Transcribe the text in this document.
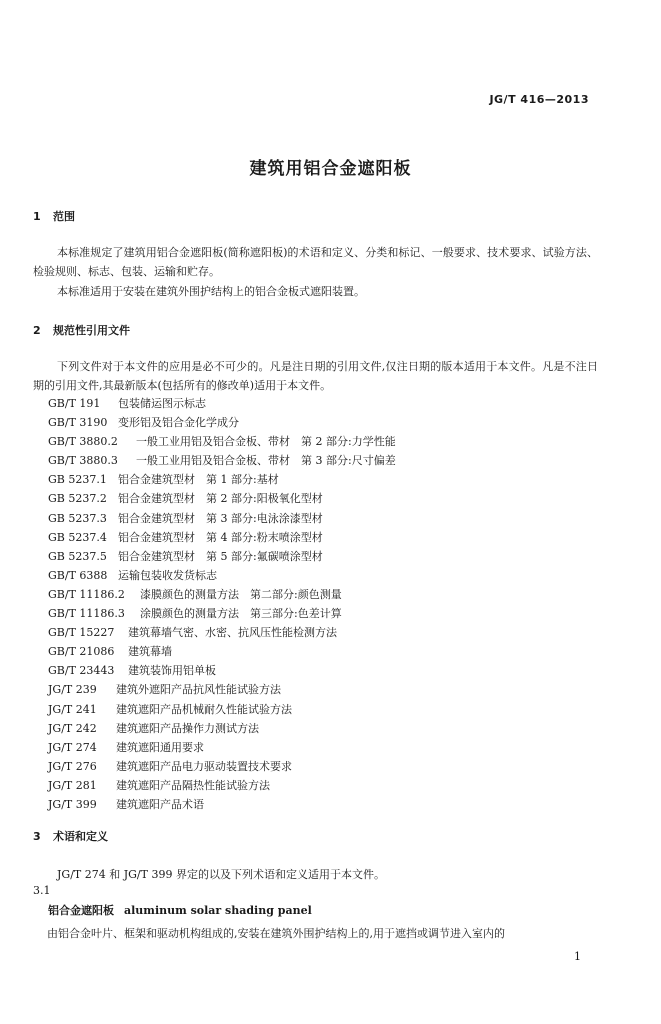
JG/T 416—2013
建筑用铝合金遮阳板
1 范围
本标准规定了建筑用铝合金遮阳板(简称遮阳板)的术语和定义、分类和标记、一般要求、技术要求、试验方法、检验规则、标志、包装、运输和贮存。
本标准适用于安装在建筑外围护结构上的铝合金板式遮阳装置。
2 规范性引用文件
下列文件对于本文件的应用是必不可少的。凡是注日期的引用文件,仅注日期的版本适用于本文件。凡是不注日期的引用文件,其最新版本(包括所有的修改单)适用于本文件。
GB/T 191 包装储运图示标志
GB/T 3190 变形铝及铝合金化学成分
GB/T 3880.2 一般工业用铝及铝合金板、带材　第 2 部分:力学性能
GB/T 3880.3 一般工业用铝及铝合金板、带材　第 3 部分:尺寸偏差
GB 5237.1 铝合金建筑型材　第 1 部分:基材
GB 5237.2 铝合金建筑型材　第 2 部分:阳极氧化型材
GB 5237.3 铝合金建筑型材　第 3 部分:电泳涂漆型材
GB 5237.4 铝合金建筑型材　第 4 部分:粉末喷涂型材
GB 5237.5 铝合金建筑型材　第 5 部分:氟碳喷涂型材
GB/T 6388 运输包装收发货标志
GB/T 11186.2 漆膜颜色的测量方法　第二部分:颜色测量
GB/T 11186.3 涂膜颜色的测量方法　第三部分:色差计算
GB/T 15227 建筑幕墙气密、水密、抗风压性能检测方法
GB/T 21086 建筑幕墙
GB/T 23443 建筑装饰用铝单板
JG/T 239 建筑外遮阳产品抗风性能试验方法
JG/T 241 建筑遮阳产品机械耐久性能试验方法
JG/T 242 建筑遮阳产品操作力测试方法
JG/T 274 建筑遮阳通用要求
JG/T 276 建筑遮阳产品电力驱动装置技术要求
JG/T 281 建筑遮阳产品隔热性能试验方法
JG/T 399 建筑遮阳产品术语
3 术语和定义
JG/T 274 和 JG/T 399 界定的以及下列术语和定义适用于本文件。
3.1
铝合金遮阳板 aluminum solar shading panel
由铝合金叶片、框架和驱动机构组成的,安装在建筑外围护结构上的,用于遮挡或调节进入室内的
1
